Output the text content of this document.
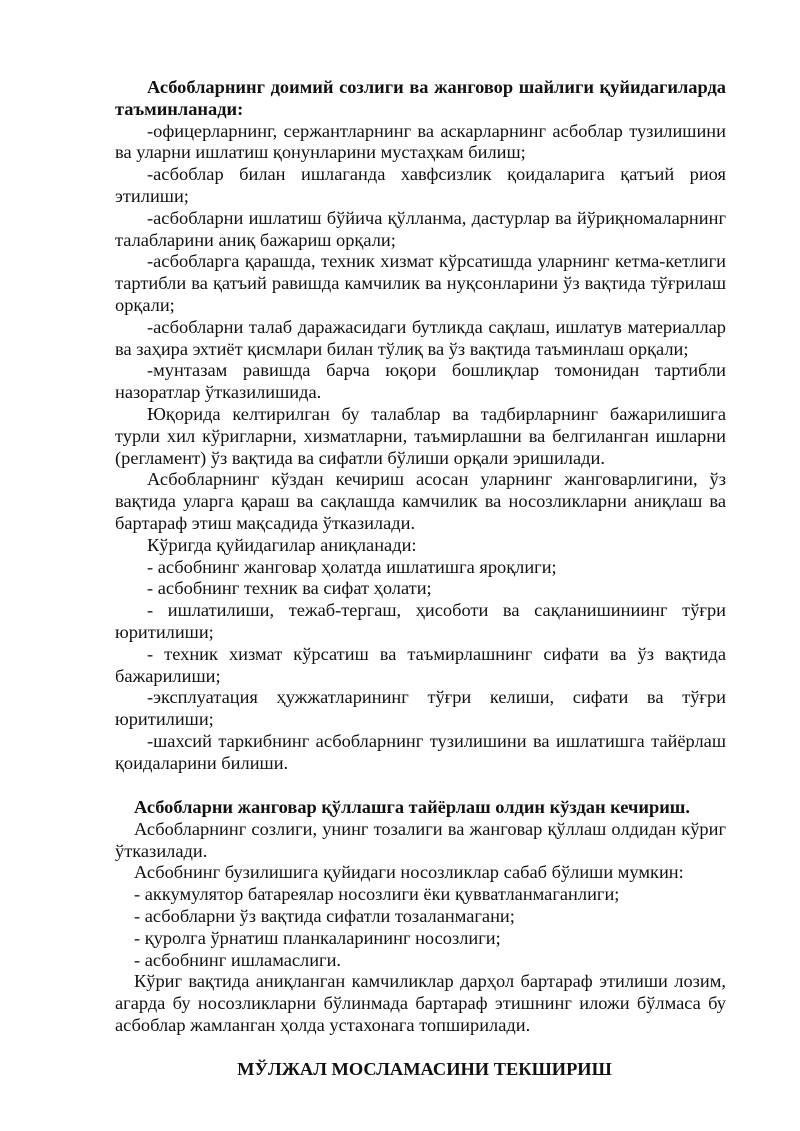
Асбобларнинг доимий созлиги ва жанговор шайлиги қуйидагиларда таъминланади:

-офицерларнинг, сержантларнинг ва аскарларнинг асбоблар тузилишини ва уларни ишлатиш қонунларини мустаҳкам билиш;

-асбоблар билан ишлаганда хавфсизлик қоидаларига қатъий риоя этилиши;

-асбобларни ишлатиш бўйича қўлланма, дастурлар ва йўриқномаларнинг талабларини аниқ бажариш орқали;

-асбобларга қарашда, техник хизмат кўрсатишда уларнинг кетма-кетлиги тартибли ва қатъий равишда камчилик ва нуқсонларини ўз вақтида тўғрилаш орқали;

-асбобларни талаб даражасидаги бутликда сақлаш, ишлатув материаллар ва заҳира эхтиёт қисмлари билан тўлиқ ва ўз вақтида таъминлаш орқали;

-мунтазам равишда барча юқори бошлиқлар томонидан тартибли назоратлар ўтказилишида.

Юқорида келтирилган бу талаблар ва тадбирларнинг бажарилишига турли хил кўригларни, хизматларни, таъмирлашни ва белгиланган ишларни (регламент) ўз вақтида ва сифатли бўлиши орқали эришилади.

Асбобларнинг кўздан кечириш асосан уларнинг жанговарлигини, ўз вақтида уларга қараш ва сақлашда камчилик ва носозликларни аниқлаш ва бартараф этиш мақсадида ўтказилади.

Кўригда қуйидагилар аниқланади:

- асбобнинг жанговар ҳолатда ишлатишга яроқлиги;

- асбобнинг техник ва сифат ҳолати;

- ишлатилиши, тежаб-тергаш, ҳисоботи ва сақланишиниинг тўғри юритилиши;

- техник хизмат кўрсатиш ва таъмирлашнинг сифати ва ўз вақтида бажарилиши;

-эксплуатация ҳужжатларининг тўғри келиши, сифати ва тўғри юритилиши;

-шахсий таркибнинг асбобларнинг тузилишини ва ишлатишга тайёрлаш қоидаларини билиши.

Асбобларни жанговар қўллашга тайёрлаш олдин кўздан кечириш.

Асбобларнинг созлиги, унинг тозалиги ва жанговар қўллаш олдидан кўриг ўтказилади.

Асбобнинг бузилишига қуйидаги носозликлар сабаб бўлиши мумкин:

- аккумулятор батареялар носозлиги ёки қувватланмаганлиги;

- асбобларни ўз вақтида сифатли тозаланмагани;

- қуролга ўрнатиш планкаларининг носозлиги;

- асбобнинг ишламаслиги.

Кўриг вақтида аниқланган камчиликлар дарҳол бартараф этилиши лозим, агарда бу носозликларни бўлинмада бартараф этишнинг иложи бўлмаса бу асбоблар жамланган ҳолда устахонага топширилади.

МЎЛЖАЛ МОСЛАМАСИНИ ТЕКШИРИШ
